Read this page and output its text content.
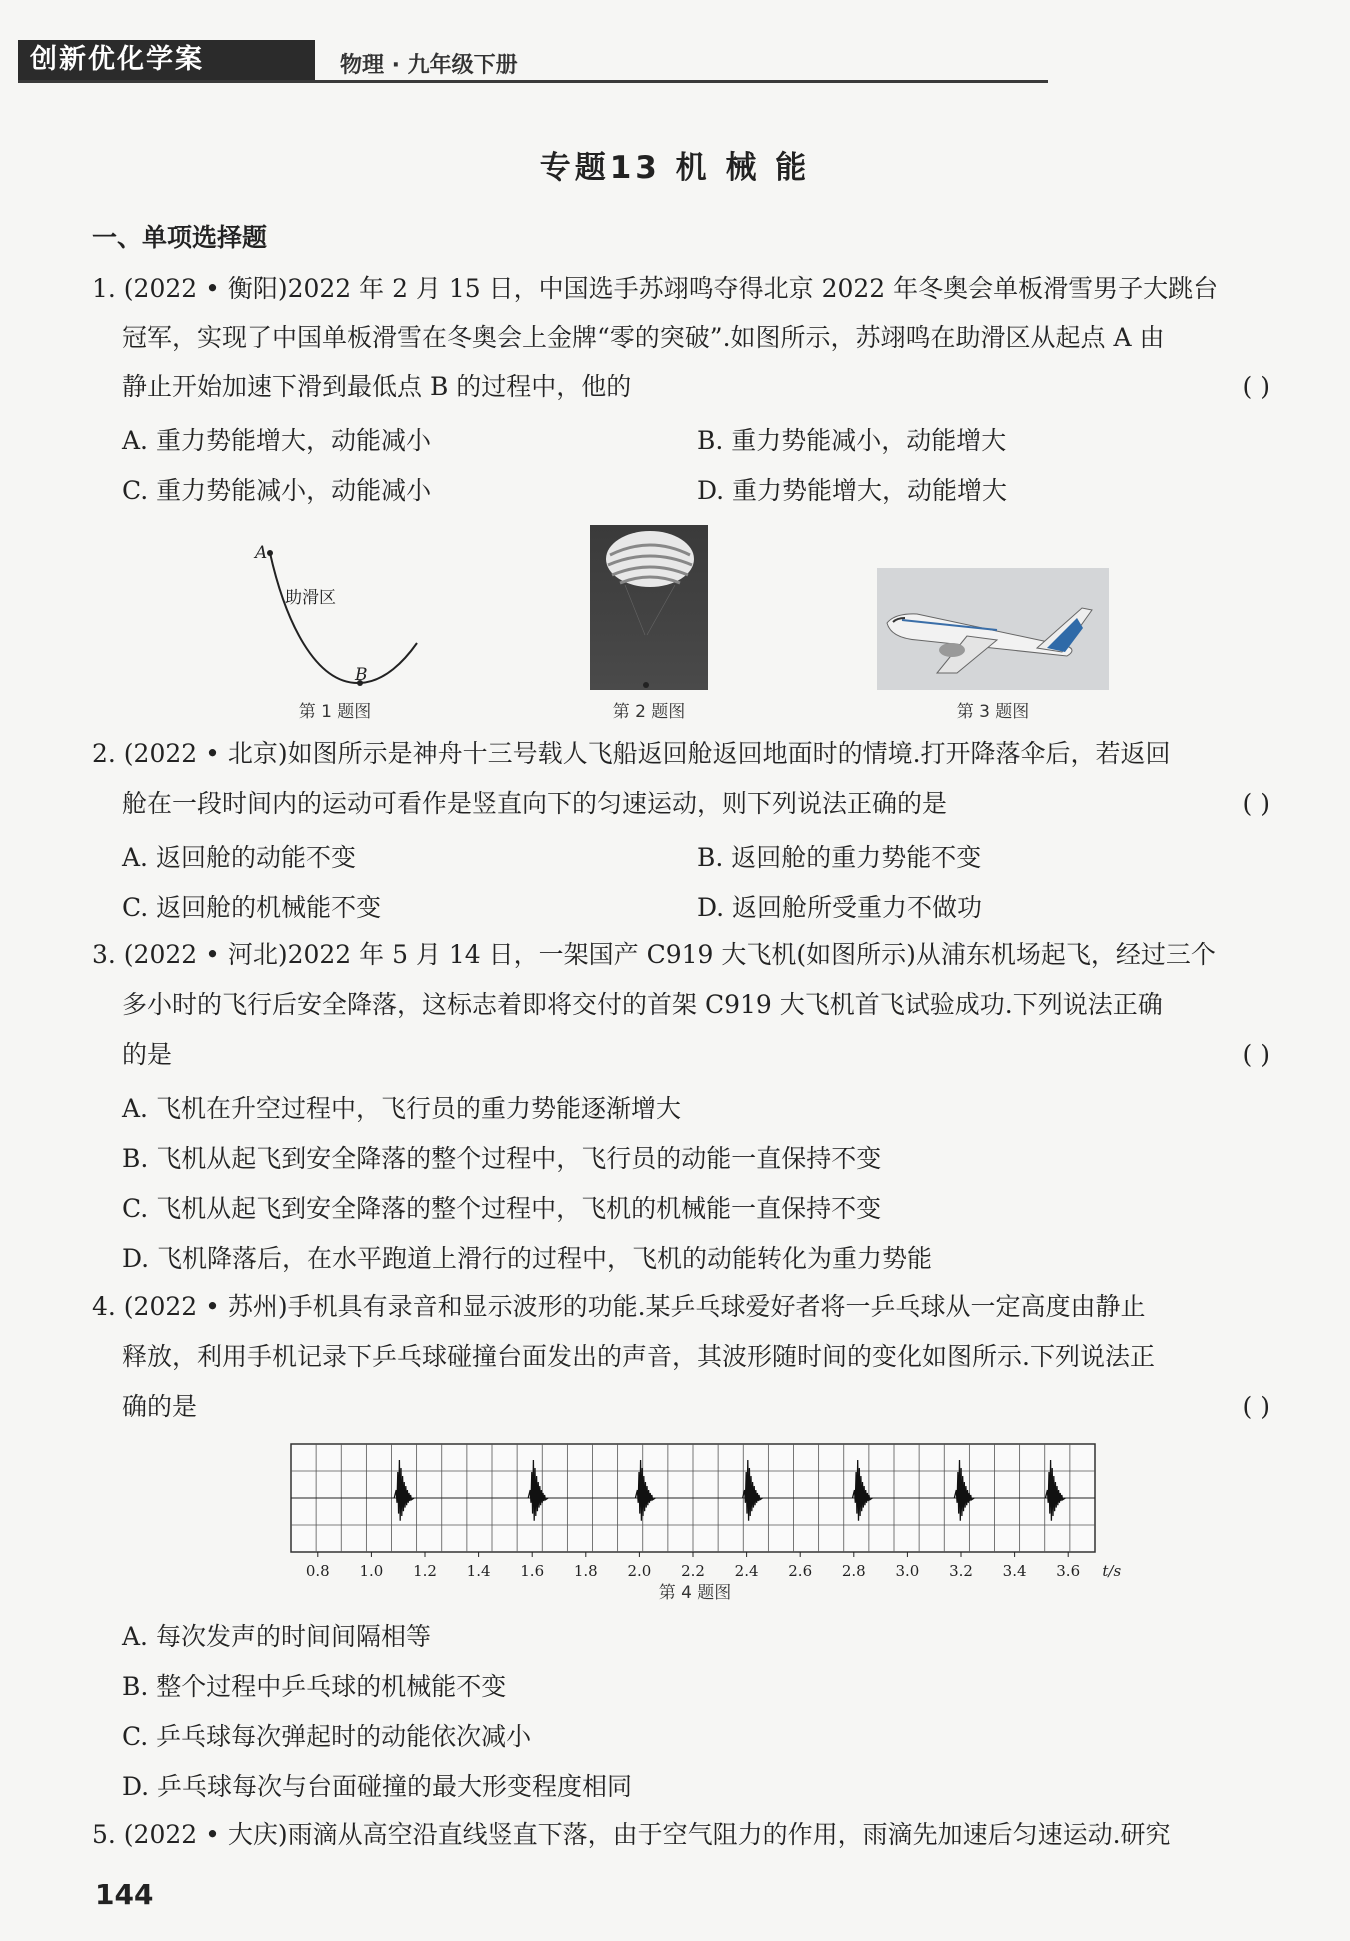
创新优化学案	物理 · 九年级下册
专题13 机 械 能
一、单项选择题
1. (2022 • 衡阳)2022 年 2 月 15 日，中国选手苏翊鸣夺得北京 2022 年冬奥会单板滑雪男子大跳台
冠军，实现了中国单板滑雪在冬奥会上金牌“零的突破”.如图所示，苏翊鸣在助滑区从起点 A 由
静止开始加速下滑到最低点 B 的过程中，他的	( )
A. 重力势能增大，动能减小	B. 重力势能减小，动能增大
C. 重力势能减小，动能减小	D. 重力势能增大，动能增大
A
B
助滑区
第 1 题图	第 2 题图	第 3 题图
2. (2022 • 北京)如图所示是神舟十三号载人飞船返回舱返回地面时的情境.打开降落伞后，若返回
舱在一段时间内的运动可看作是竖直向下的匀速运动，则下列说法正确的是	( )
A. 返回舱的动能不变	B. 返回舱的重力势能不变
C. 返回舱的机械能不变	D. 返回舱所受重力不做功
3. (2022 • 河北)2022 年 5 月 14 日，一架国产 C919 大飞机(如图所示)从浦东机场起飞，经过三个
多小时的飞行后安全降落，这标志着即将交付的首架 C919 大飞机首飞试验成功.下列说法正确
的是	( )
A. 飞机在升空过程中，飞行员的重力势能逐渐增大
B. 飞机从起飞到安全降落的整个过程中，飞行员的动能一直保持不变
C. 飞机从起飞到安全降落的整个过程中，飞机的机械能一直保持不变
D. 飞机降落后，在水平跑道上滑行的过程中，飞机的动能转化为重力势能
4. (2022 • 苏州)手机具有录音和显示波形的功能.某乒乓球爱好者将一乒乓球从一定高度由静止
释放，利用手机记录下乒乓球碰撞台面发出的声音，其波形随时间的变化如图所示.下列说法正
确的是	( )
0.8 1.0 1.2 1.4 1.6 1.8 2.0 2.2 2.4 2.6 2.8 3.0 3.2 3.4 3.6 t/s
第 4 题图
A. 每次发声的时间间隔相等
B. 整个过程中乒乓球的机械能不变
C. 乒乓球每次弹起时的动能依次减小
D. 乒乓球每次与台面碰撞的最大形变程度相同
5. (2022 • 大庆)雨滴从高空沿直线竖直下落，由于空气阻力的作用，雨滴先加速后匀速运动.研究
144
